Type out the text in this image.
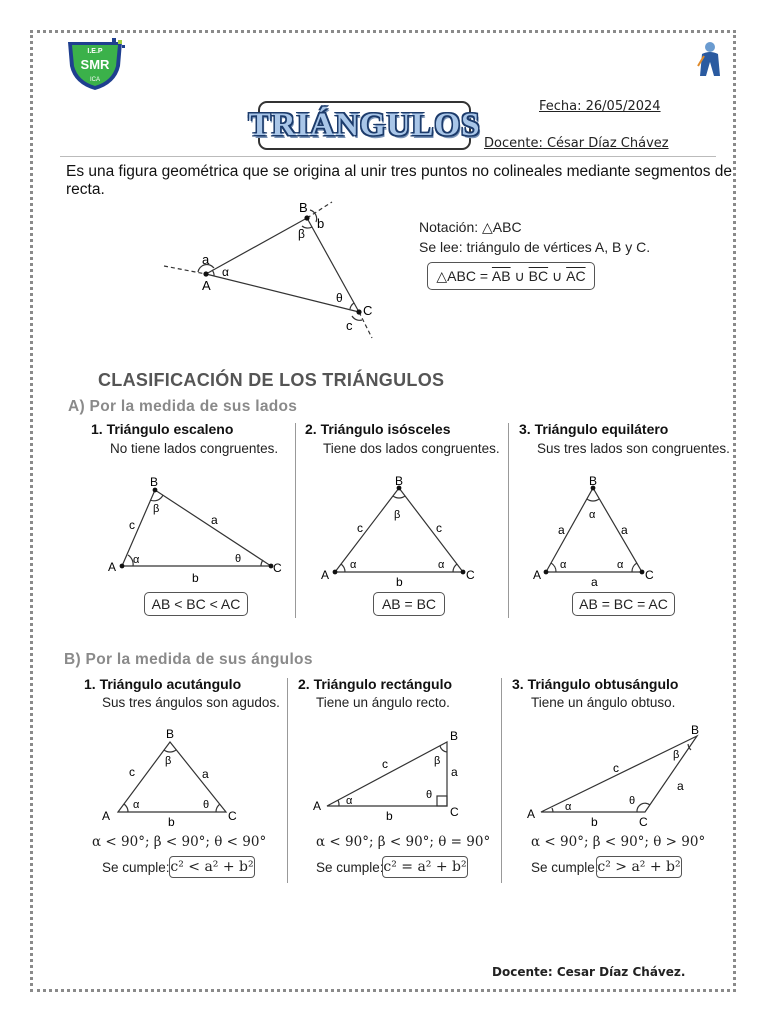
I.E.P
SMR
ICA
Fecha: 26/05/2024
TRIÁNGULOS
Docente: César Díaz Chávez
Es una figura geométrica que se origina al unir tres puntos no colineales mediante segmentos de recta.
A
B
C
a
b
c
α
β
θ
Notación: △ABC
Se lee: triángulo de vértices A, B y C.
△ABC = $\overline{AB}$ ∪ $\overline{BC}$ ∪ $\overline{AC}$
CLASIFICACIÓN DE LOS TRIÁNGULOS
A) Por la medida de sus lados
1. Triángulo escaleno
No tiene lados congruentes.
2. Triángulo isósceles
Tiene dos lados congruentes.
3. Triángulo equilátero
Sus tres lados son congruentes.
B
A	C
c	a
b
α
β
θ
B
A	C
c	c
b
α
β
α
B
A	C
a	a
a
α
α
α
AB < BC < AC	AB = BC	AB = BC = AC
B) Por la medida de sus ángulos
1. Triángulo acutángulo
Sus tres ángulos son agudos.
2. Triángulo rectángulo
Tiene un ángulo recto.
3. Triángulo obtusángulo
Tiene un ángulo obtuso.
B
A	C
c	a
b
α
β
θ
B
A	C
c
a
b
α
β
θ
B
A
C
c
a
b
α
β
θ
α < 90°; β < 90°; θ < 90°	α < 90°; β < 90°; θ = 90°	α < 90°; β < 90°; θ > 90°
Se cumple: c² < a² + b²	Se cumple: c² = a² + b²	Se cumple:
c² > a² + b²
Docente: Cesar Díaz Chávez.
